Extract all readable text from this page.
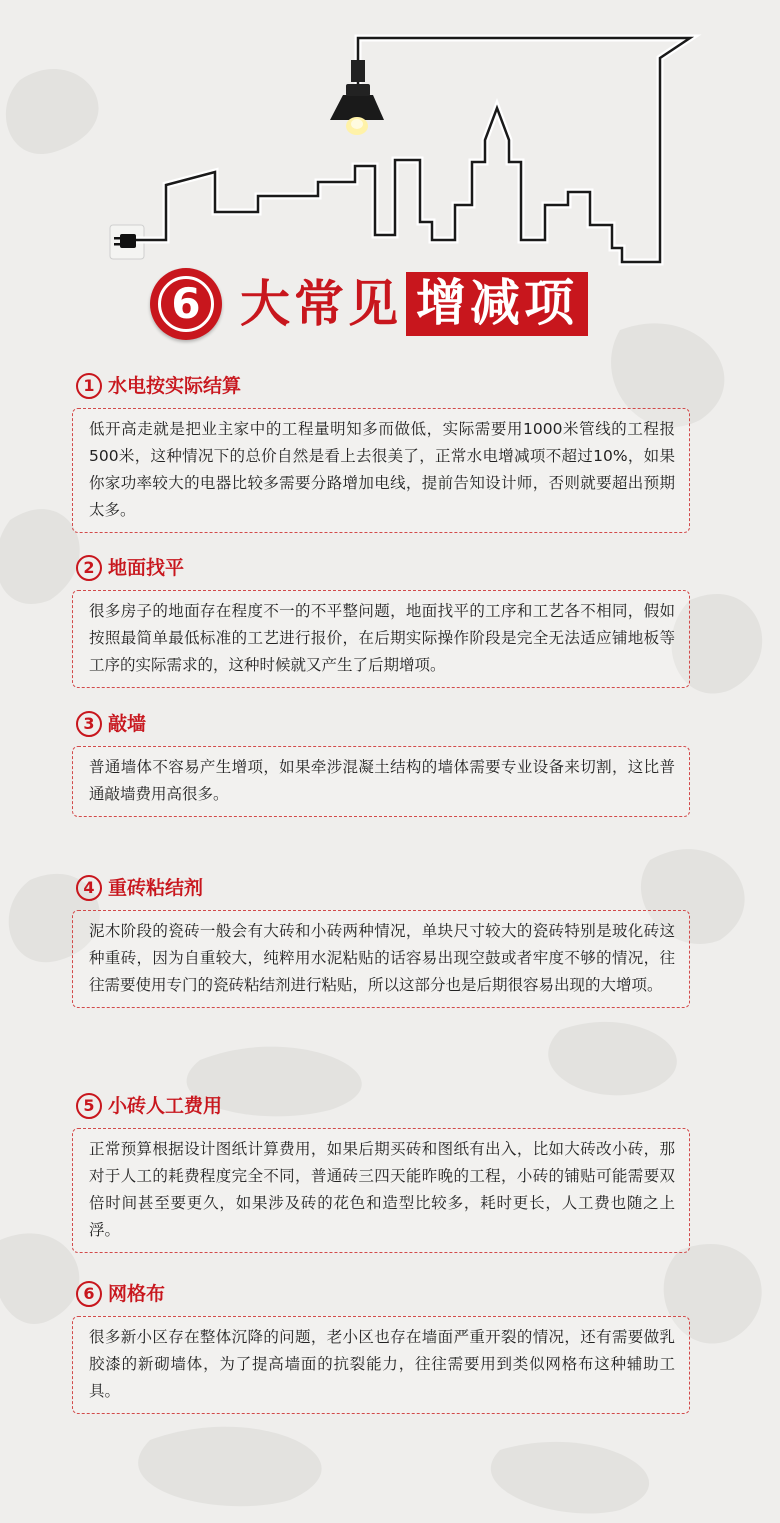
6 大常见 增减项
1 水电按实际结算
低开高走就是把业主家中的工程量明知多而做低，实际需要用1000米管线的工程报500米，这种情况下的总价自然是看上去很美了，正常水电增减项不超过10%，如果你家功率较大的电器比较多需要分路增加电线，提前告知设计师，否则就要超出预期太多。
2 地面找平
很多房子的地面存在程度不一的不平整问题，地面找平的工序和工艺各不相同，假如按照最简单最低标准的工艺进行报价，在后期实际操作阶段是完全无法适应铺地板等工序的实际需求的，这种时候就又产生了后期增项。
3 敲墙
普通墙体不容易产生增项，如果牵涉混凝土结构的墙体需要专业设备来切割，这比普通敲墙费用高很多。
4 重砖粘结剂
泥木阶段的瓷砖一般会有大砖和小砖两种情况，单块尺寸较大的瓷砖特别是玻化砖这种重砖，因为自重较大，纯粹用水泥粘贴的话容易出现空鼓或者牢度不够的情况，往往需要使用专门的瓷砖粘结剂进行粘贴，所以这部分也是后期很容易出现的大增项。
5 小砖人工费用
正常预算根据设计图纸计算费用，如果后期买砖和图纸有出入，比如大砖改小砖，那对于人工的耗费程度完全不同，普通砖三四天能昨晚的工程，小砖的铺贴可能需要双倍时间甚至要更久，如果涉及砖的花色和造型比较多，耗时更长，人工费也随之上浮。
6 网格布
很多新小区存在整体沉降的问题，老小区也存在墙面严重开裂的情况，还有需要做乳胶漆的新砌墙体，为了提高墙面的抗裂能力，往往需要用到类似网格布这种辅助工具。
